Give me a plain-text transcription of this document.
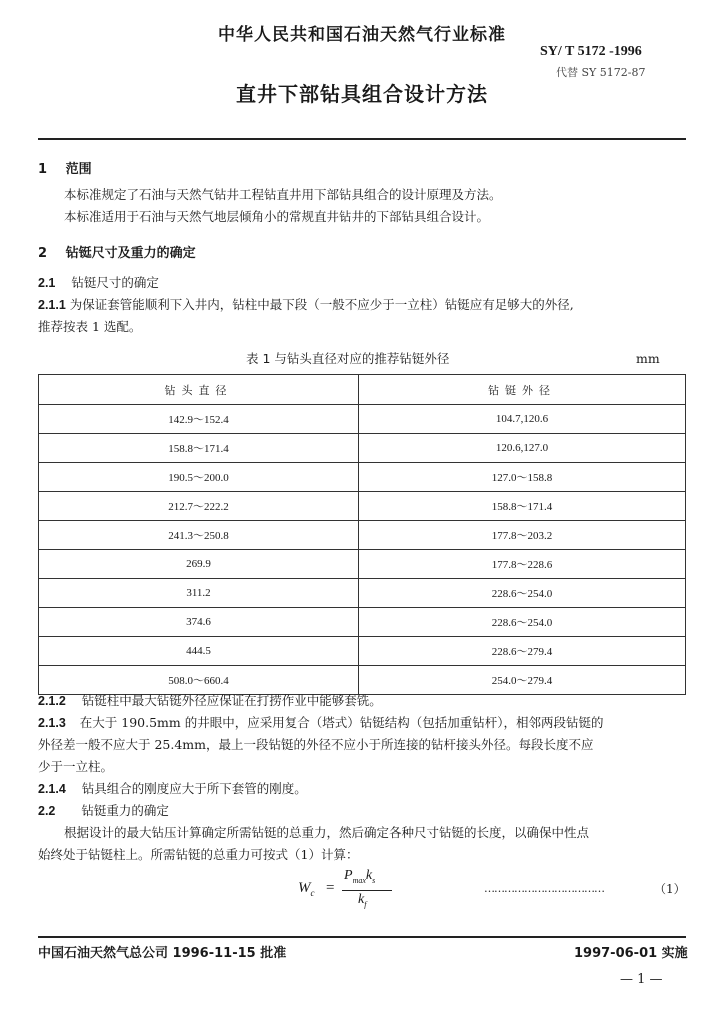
中华人民共和国石油天然气行业标准
SY/ T 5172 -1996
代替 SY 5172-87
直井下部钻具组合设计方法
1 范围
本标准规定了石油与天然气钻井工程钻直井用下部钻具组合的设计原理及方法。
本标准适用于石油与天然气地层倾角小的常规直井钻井的下部钻具组合设计。
2 钻铤尺寸及重力的确定
2.1 钻铤尺寸的确定
2.1.1 为保证套管能顺利下入井内，钻柱中最下段（一般不应少于一立柱）钻铤应有足够大的外径,
推荐按表 1 选配。
表 1 与钻头直径对应的推荐钻铤外径	mm
钻头直径	钻铤外径
142.9～152.4	104.7,120.6
158.8～171.4	120.6,127.0
190.5～200.0	127.0～158.8
212.7～222.2	158.8～171.4
241.3～250.8	177.8～203.2
269.9	177.8～228.6
311.2	228.6～254.0
374.6	228.6～254.0
444.5	228.6～279.4
508.0～660.4	254.0～279.4
2.1.2 钻铤柱中最大钻铤外径应保证在打捞作业中能够套铣。
2.1.3 在大于 190.5mm 的井眼中，应采用复合（塔式）钻铤结构（包括加重钻杆），相邻两段钻铤的
外径差一般不应大于 25.4mm，最上一段钻铤的外径不应小于所连接的钻杆接头外径。每段长度不应
少于一立柱。
2.1.4 钻具组合的刚度应大于所下套管的刚度。
2.2 钻铤重力的确定
根据设计的最大钻压计算确定所需钻铤的总重力，然后确定各种尺寸钻铤的长度，以确保中性点
始终处于钻铤柱上。所需钻铤的总重力可按式（1）计算：
$W_c$ =
$P_{max}k_s$
$k_f$
………………………………	（1）
中国石油天然气总公司 1996-11-15 批准	1997-06-01 实施
— 1 —
